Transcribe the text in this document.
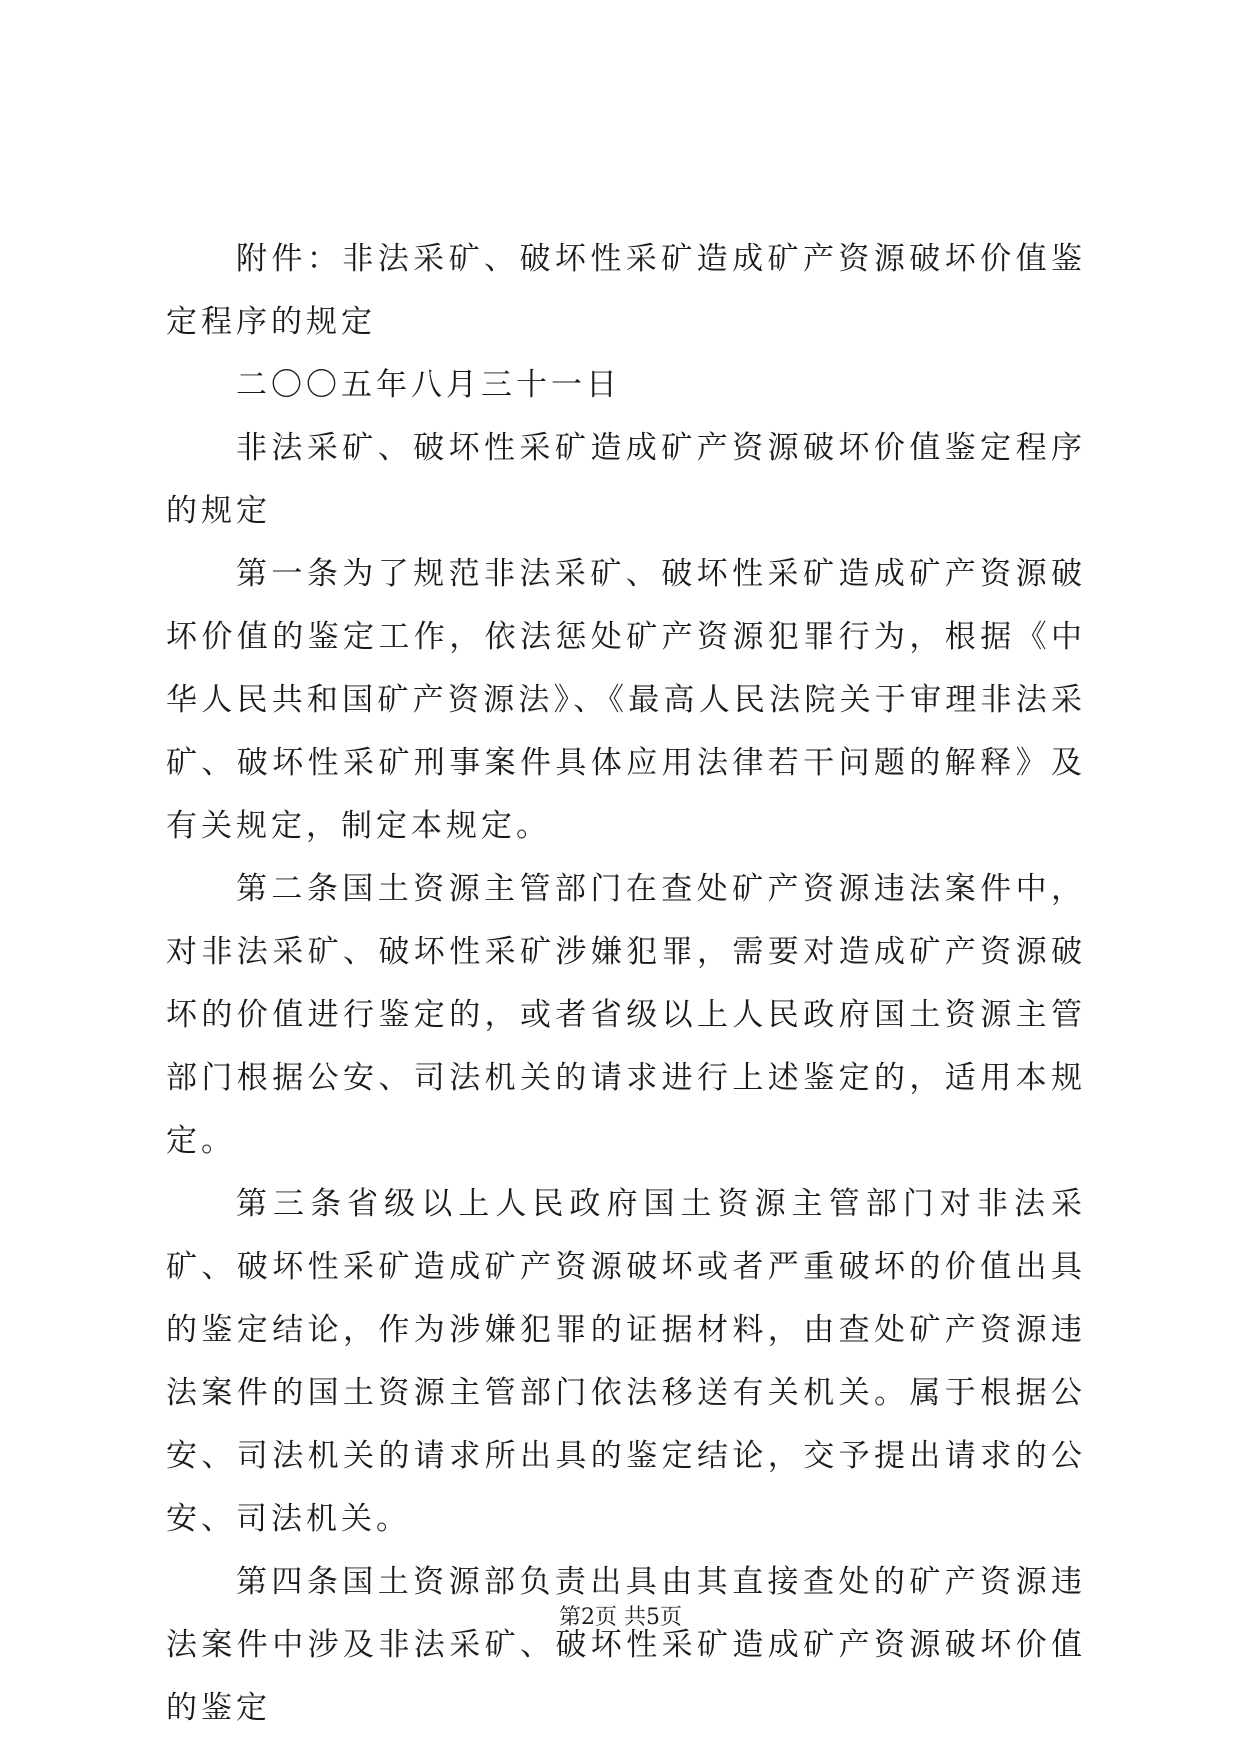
附件：非法采矿、破坏性采矿造成矿产资源破坏价值鉴定程序的规定

二〇〇五年八月三十一日

非法采矿、破坏性采矿造成矿产资源破坏价值鉴定程序的规定

第一条为了规范非法采矿、破坏性采矿造成矿产资源破坏价值的鉴定工作，依法惩处矿产资源犯罪行为，根据《中华人民共和国矿产资源法》、《最高人民法院关于审理非法采矿、破坏性采矿刑事案件具体应用法律若干问题的解释》及有关规定，制定本规定。

第二条国土资源主管部门在查处矿产资源违法案件中，对非法采矿、破坏性采矿涉嫌犯罪，需要对造成矿产资源破坏的价值进行鉴定的，或者省级以上人民政府国土资源主管部门根据公安、司法机关的请求进行上述鉴定的，适用本规定。

第三条省级以上人民政府国土资源主管部门对非法采矿、破坏性采矿造成矿产资源破坏或者严重破坏的价值出具的鉴定结论，作为涉嫌犯罪的证据材料，由查处矿产资源违法案件的国土资源主管部门依法移送有关机关。属于根据公安、司法机关的请求所出具的鉴定结论，交予提出请求的公安、司法机关。

第四条国土资源部负责出具由其直接查处的矿产资源违法案件中涉及非法采矿、破坏性采矿造成矿产资源破坏价值的鉴定

第2页 共5页
